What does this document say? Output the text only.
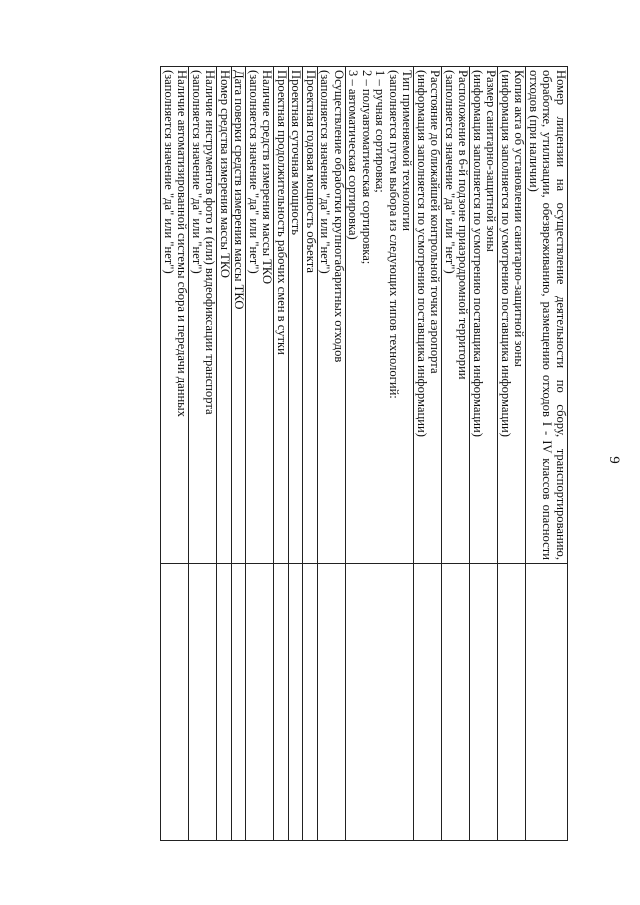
9
Номер лицензии на осуществление деятельности по сбору, транспортированию,
обработке, утилизации, обезвреживанию, размещению отходов I - IV классов опасности
отходов (при наличии)	

Копия акта об установлении санитарно-защитной зоны
(информация заполняется по усмотрению поставщика информации)	

Размер санитарно-защитной зоны
(информация заполняется по усмотрению поставщика информации)	

Расположение в 6-й подзоне приаэродромной территории
(заполняется значение "да" или "нет")	

Расстояние до ближайшей контрольной точки аэропорта
(информация заполняется по усмотрению поставщика информации)	

Тип применяемой технологии
(заполняется путем выбора из следующих типов технологий:
1 – ручная сортировка;
2 – полуавтоматическая сортировка;
3 – автоматическая сортировка)	

Осуществление обработки крупногабаритных отходов
(заполняется значение "да" или "нет")	

Проектная годовая мощность объекта	

Проектная суточная мощность	

Проектная продолжительность рабочих смен в сутки	

Наличие средств измерения массы ТКО
(заполняется значение "да" или "нет")	

Дата поверки средств измерения массы ТКО	

Номер средства измерения массы ТКО	

Наличие инструментов фото и (или) видеофиксации транспорта
(заполняется значение "да" или "нет")	

Наличие автоматизированной системы сбора и передачи данных
(заполняется значение "да" или "нет")	
